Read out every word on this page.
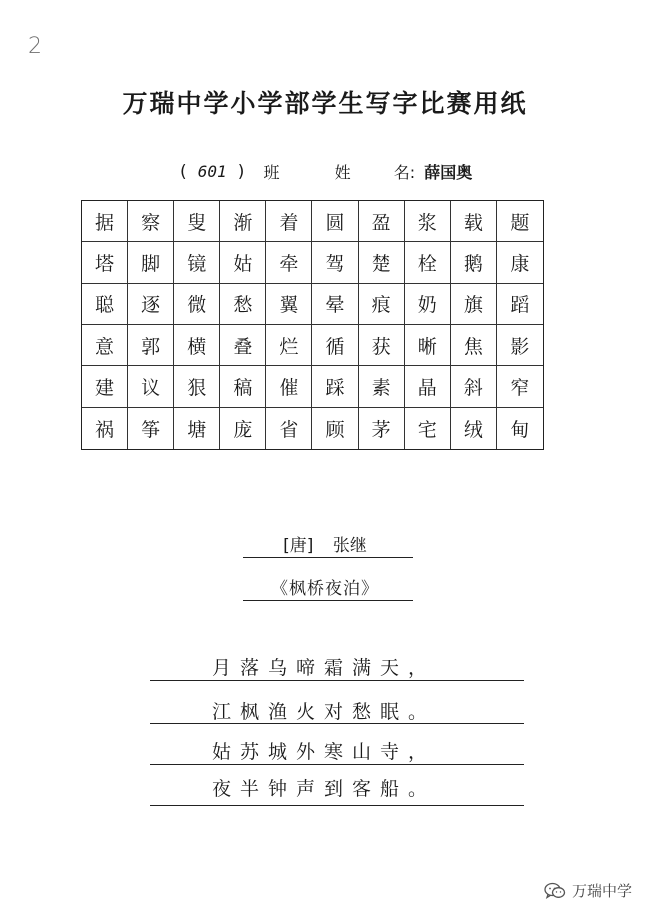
2
万瑞中学小学部学生写字比赛用纸
( 601 ) 班	姓	名: 薛国奥
据	察	叟	渐	着	圆	盈	浆	载	题
塔	脚	镜	姑	牵	驾	楚	栓	鹅	康
聪	逐	微	愁	翼	晕	痕	奶	旗	蹈
意	郭	横	叠	烂	循	获	晰	焦	影
建	议	狠	稿	催	踩	素	晶	斜	窄
祸	筝	塘	庞	省	顾	茅	宅	绒	甸
[唐] 张继
《枫桥夜泊》
月落乌啼霜满天，
江枫渔火对愁眠。
姑苏城外寒山寺，
夜半钟声到客船。
万瑞中学
